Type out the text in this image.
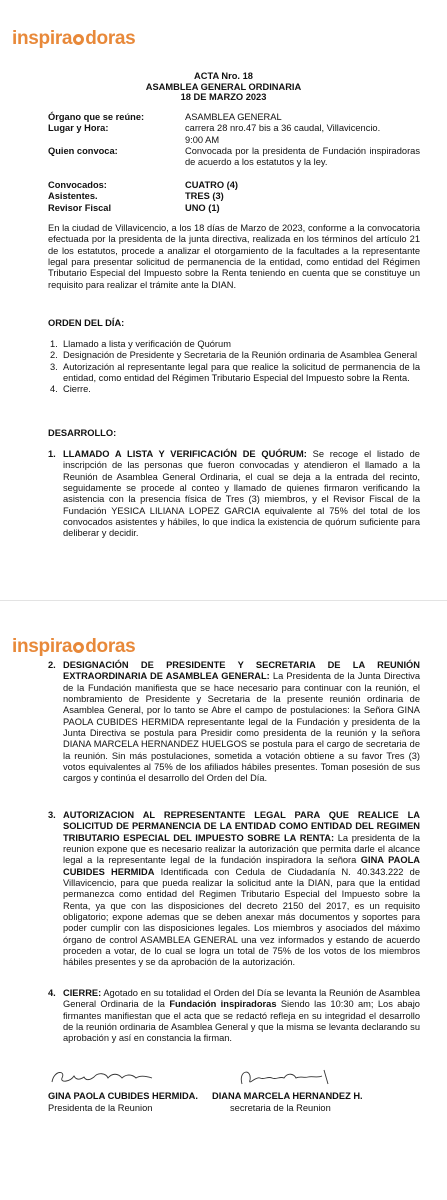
inspira doras
ACTA Nro. 18
ASAMBLEA GENERAL ORDINARIA
18 DE MARZO 2023
Órgano que se reúne:	ASAMBLEA GENERAL
Lugar y Hora:	carrera 28 nro.47 bis a 36 caudal, Villavicencio.
9:00 AM
Quien convoca:	Convocada por la presidenta de Fundación inspiradoras de acuerdo a los estatutos y la ley.
Convocados:	CUATRO (4)
Asistentes.	TRES (3)
Revisor Fiscal	UNO (1)
En la ciudad de Villavicencio, a los 18 días de Marzo de 2023, conforme a la convocatoria efectuada por la presidenta de la junta directiva, realizada en los términos del artículo 21 de los estatutos, procede a analizar el otorgamiento de la facultades a la representante legal para presentar solicitud de permanencia de la entidad, como entidad del Régimen Tributario Especial del Impuesto sobre la Renta teniendo en cuenta que se constituye un requisito para realizar el trámite ante la DIAN.
ORDEN DEL DÍA:
1. Llamado a lista y verificación de Quórum
2. Designación de Presidente y Secretaria de la Reunión ordinaria de Asamblea General
3. Autorización al representante legal para que realice la solicitud de permanencia de la entidad, como entidad del Régimen Tributario Especial del Impuesto sobre la Renta.
4. Cierre.
DESARROLLO:
1. LLAMADO A LISTA Y VERIFICACIÓN DE QUÓRUM: Se recoge el listado de inscripción de las personas que fueron convocadas y atendieron el llamado a la Reunión de Asamblea General Ordinaria, el cual se deja a la entrada del recinto, seguidamente se procede al conteo y llamado de quienes firmaron verificando la asistencia con la presencia física de Tres (3) miembros, y el Revisor Fiscal de la Fundación YESICA LILIANA LOPEZ GARCIA equivalente al 75% del total de los convocados asistentes y hábiles, lo que indica la existencia de quórum suficiente para deliberar y decidir.
inspira doras
2. DESIGNACIÓN DE PRESIDENTE Y SECRETARIA DE LA REUNIÓN EXTRAORDINARIA DE ASAMBLEA GENERAL: La Presidenta de la Junta Directiva de la Fundación manifiesta que se hace necesario para continuar con la reunión, el nombramiento de Presidente y Secretaria de la presente reunión ordinaria de Asamblea General, por lo tanto se Abre el campo de postulaciones: la Señora GINA PAOLA CUBIDES HERMIDA representante legal de la Fundación y presidenta de la Junta Directiva se postula para Presidir como presidenta de la reunión y la señora DIANA MARCELA HERNANDEZ HUELGOS se postula para el cargo de secretaria de la reunión. Sin más postulaciones, sometida a votación obtiene a su favor Tres (3) votos equivalentes al 75% de los afiliados hábiles presentes. Toman posesión de sus cargos y continúa el desarrollo del Orden del Día.
3. AUTORIZACION AL REPRESENTANTE LEGAL PARA QUE REALICE LA SOLICITUD DE PERMANENCIA DE LA ENTIDAD COMO ENTIDAD DEL REGIMEN TRIBUTARIO ESPECIAL DEL IMPUESTO SOBRE LA RENTA: La presidenta de la reunion expone que es necesario realizar la autorización que permita darle el alcance legal a la representante legal de la fundación inspiradora la señora GINA PAOLA CUBIDES HERMIDA Identificada con Cedula de Ciudadanía N. 40.343.222 de Villavicencio, para que pueda realizar la solicitud ante la DIAN, para que la entidad permanezca como entidad del Regimen Tributario Especial del Impuesto sobre la Renta, ya que con las disposiciones del decreto 2150 del 2017, es un requisito obligatorio; expone ademas que se deben anexar más documentos y soportes para poder cumplir con las disposiciones legales. Los miembros y asociados del máximo órgano de control ASAMBLEA GENERAL una vez informados y estando de acuerdo proceden a votar, de lo cual se logra un total de 75% de los votos de los miembros hábiles presentes y se da aprobación de la autorización.
4. CIERRE: Agotado en su totalidad el Orden del Día se levanta la Reunión de Asamblea General Ordinaria de la Fundación inspiradoras Siendo las 10:30 am; Los abajo firmantes manifiestan que el acta que se redactó refleja en su integridad el desarrollo de la reunión ordinaria de Asamblea General y que la misma se levanta declarando su aprobación y así en constancia la firman.
GINA PAOLA CUBIDES HERMIDA.
Presidenta de la Reunion
DIANA MARCELA HERNANDEZ H.
secretaria de la Reunion
